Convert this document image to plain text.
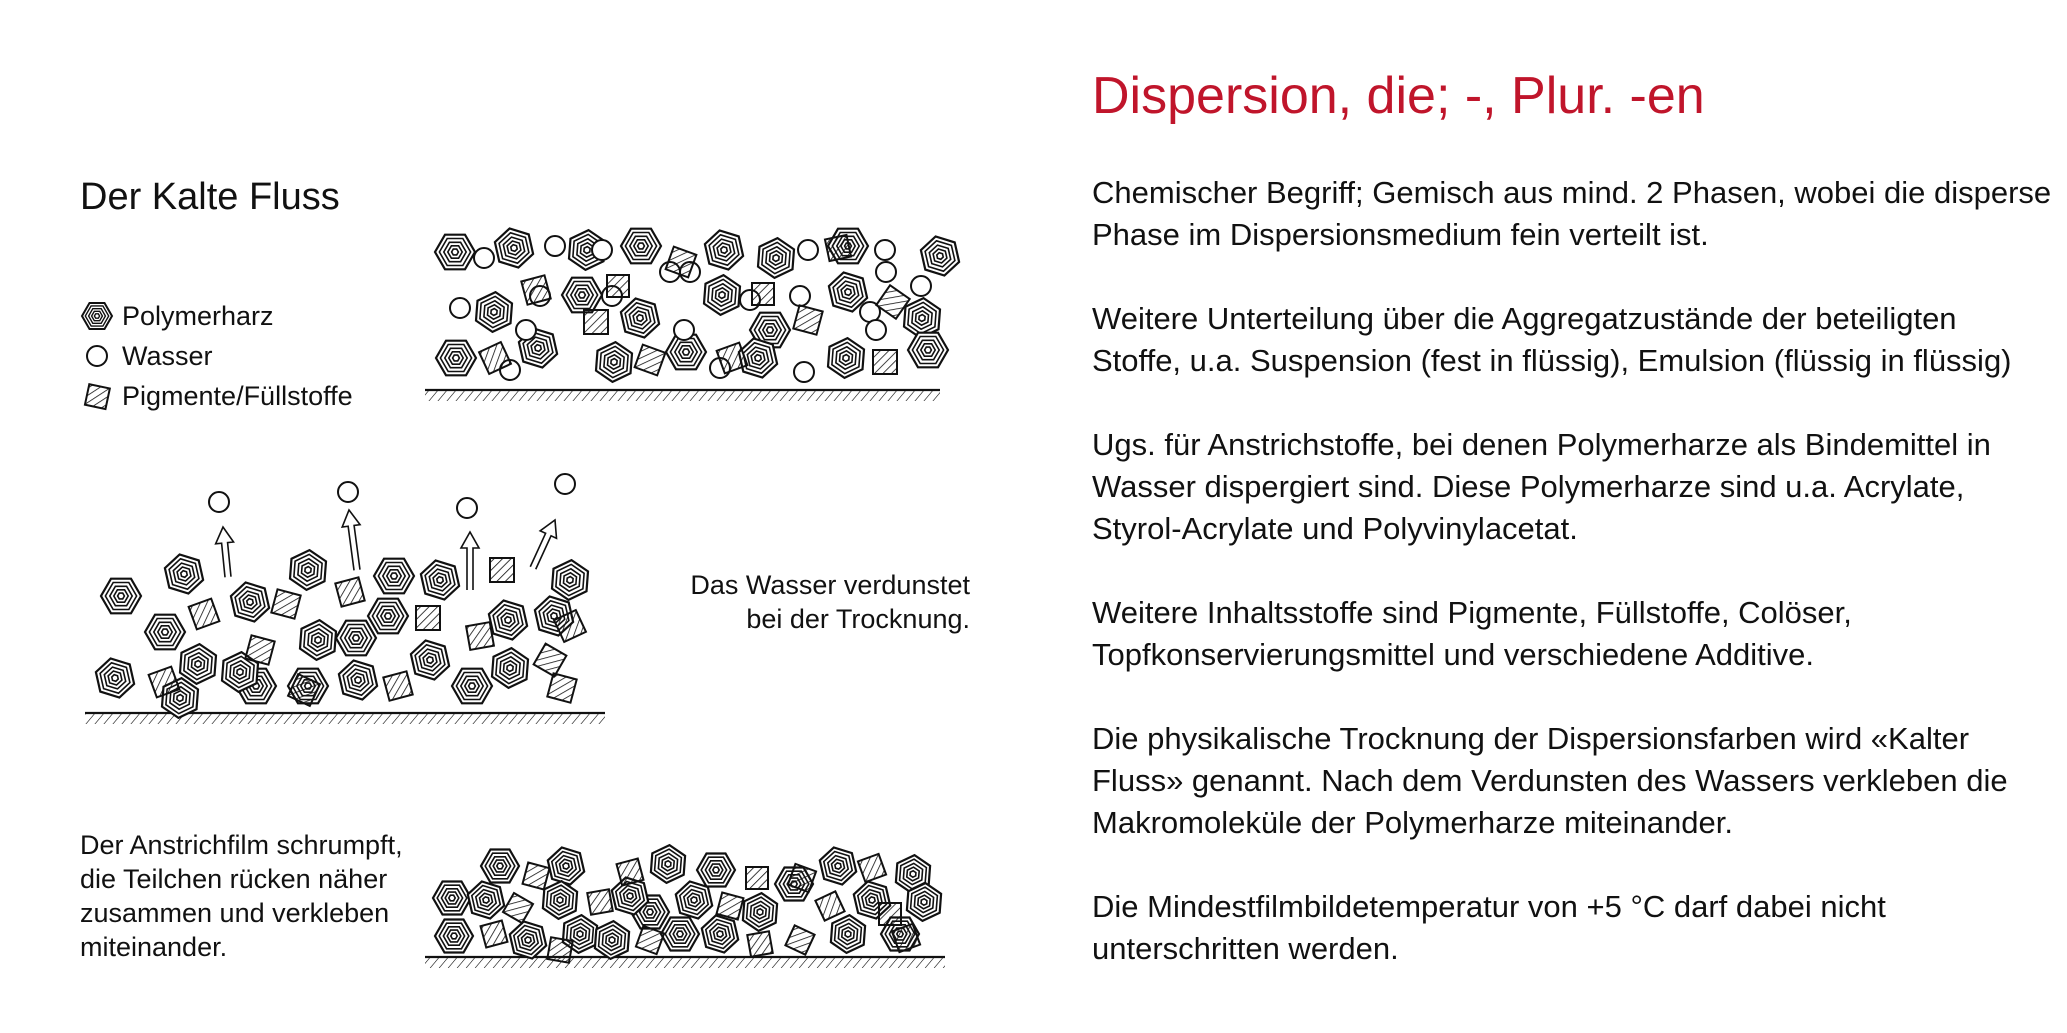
Der Kalte Fluss
Polymerharz
Wasser
Pigmente/Füllstoffe
Das Wasser verdunstet
bei der Trocknung.
Der Anstrichfilm schrumpft,
die Teilchen rücken näher
zusammen und verkleben
miteinander.
Dispersion, die; -, Plur. -en

Chemischer Begriff; Gemisch aus mind. 2 Phasen, wobei die disperse Phase im Dispersionsmedium fein verteilt ist.

Weitere Unterteilung über die Aggregatzustände der beteiligten Stoffe, u.a. Suspension (fest in flüssig), Emulsion (flüssig in flüssig)

Ugs. für Anstrichstoffe, bei denen Polymerharze als Bindemittel in Wasser dispergiert sind. Diese Polymerharze sind u.a. Acrylate, Styrol-Acrylate und Polyvinylacetat.

Weitere Inhaltsstoffe sind Pigmente, Füllstoffe, Colöser, Topfkonservierungsmittel und verschiedene Additive.

Die physikalische Trocknung der Dispersionsfarben wird «Kalter Fluss» genannt. Nach dem Verdunsten des Wassers verkleben die Makromoleküle der Polymerharze miteinander.

Die Mindestfilmbildetemperatur von +5 °C darf dabei nicht unterschritten werden.
